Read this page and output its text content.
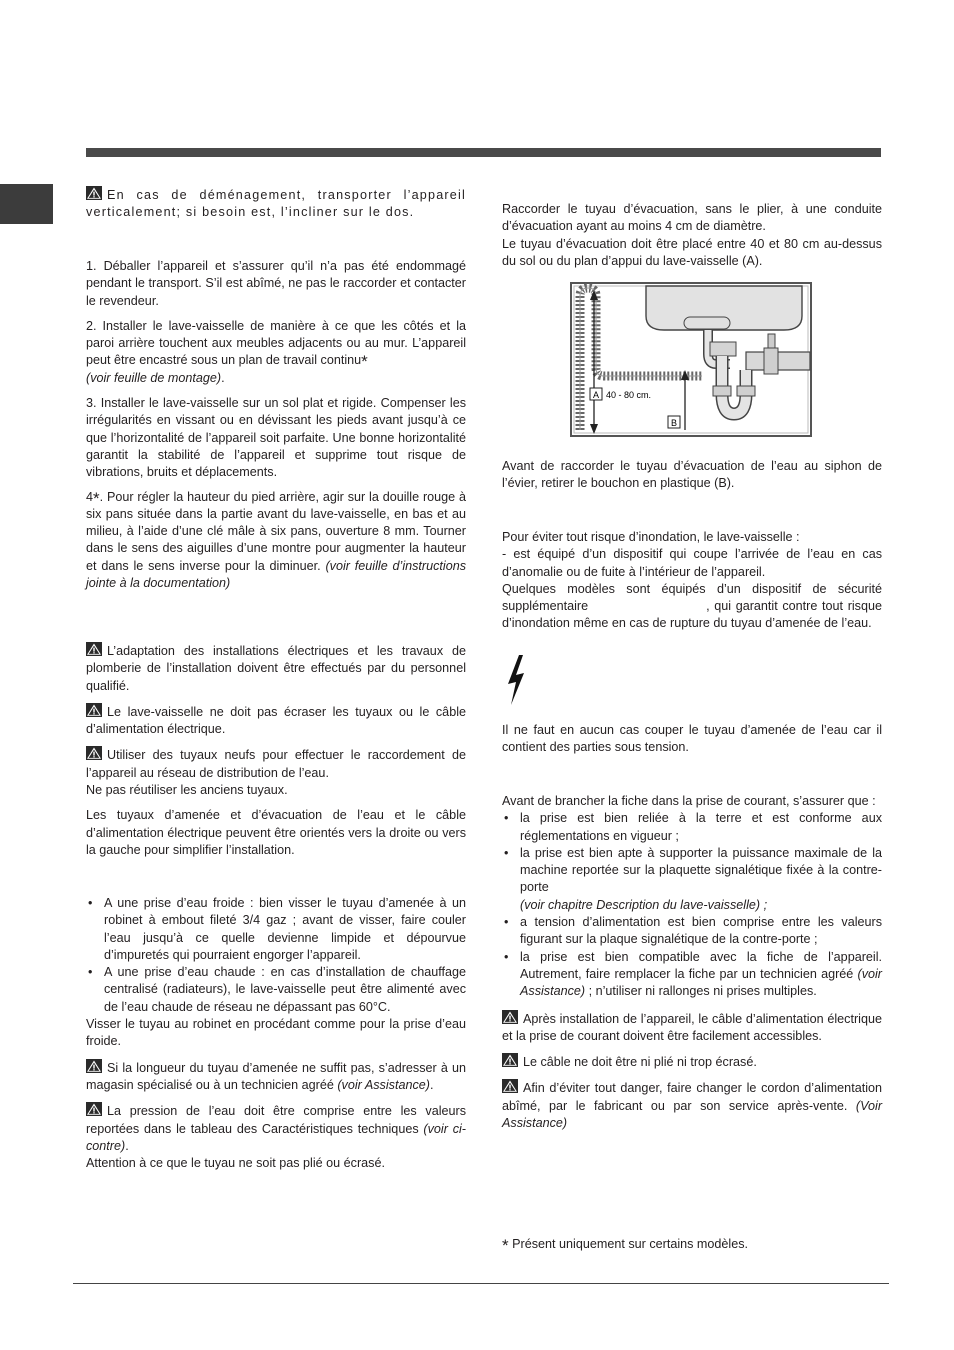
En cas de déménagement, transporter l’appareil verticalement; si besoin est, l’incliner sur le dos.

1. Déballer l’appareil et s’assurer qu’il n’a pas été endommagé pendant le transport. S’il est abîmé, ne pas le raccorder et contacter le revendeur.

2. Installer le lave-vaisselle de manière à ce que les côtés et la paroi arrière touchent aux meubles adjacents ou au mur. L’appareil peut être encastré sous un plan de travail continu*
(voir feuille de montage).

3. Installer le lave-vaisselle sur un sol plat et rigide. Compenser les irrégularités en vissant ou en dévissant les pieds avant jusqu’à ce que l’horizontalité de l’appareil soit parfaite. Une bonne horizontalité garantit la stabilité de l’appareil et supprime tout risque de vibrations, bruits et déplacements.

4*. Pour régler la hauteur du pied arrière, agir sur la douille rouge à six pans située dans la partie avant du lave-vaisselle, en bas et au milieu, à l’aide d’une clé mâle à six pans, ouverture 8 mm. Tourner dans le sens des aiguilles d’une montre pour augmenter la hauteur et dans le sens inverse pour la diminuer. (voir feuille d’instructions jointe à la documentation)

L’adaptation des installations électriques et les travaux de plomberie de l’installation doivent être effectués par du personnel qualifié.

Le lave-vaisselle ne doit pas écraser les tuyaux ou le câble d’alimentation électrique.

Utiliser des tuyaux neufs pour effectuer le raccordement de l’appareil au réseau de distribution de l’eau.

Ne pas réutiliser les anciens tuyaux.

Les tuyaux d’amenée et d’évacuation de l’eau et le câble d’alimentation électrique peuvent être orientés vers la droite ou vers la gauche pour simplifier l’installation.

• A une prise d’eau froide : bien visser le tuyau d’amenée à un robinet à embout fileté 3/4 gaz ; avant de visser, faire couler l’eau jusqu’à ce quelle devienne limpide et dépourvue d’impuretés qui pourraient engorger l’appareil.
• A une prise d’eau chaude : en cas d’installation de chauffage centralisé (radiateurs), le lave-vaisselle peut être alimenté avec de l’eau chaude de réseau ne dépassant pas 60°C.

Visser le tuyau au robinet en procédant comme pour la prise d’eau froide.

Si la longueur du tuyau d’amenée ne suffit pas, s’adresser à un magasin spécialisé ou à un technicien agréé (voir Assistance).

La pression de l’eau doit être comprise entre les valeurs reportées dans le tableau des Caractéristiques techniques (voir ci-contre).

Attention à ce que le tuyau ne soit pas plié ou écrasé.

Raccorder le tuyau d’évacuation, sans le plier, à une conduite d’évacuation ayant au moins 4 cm de diamètre.

Le tuyau d’évacuation doit être placé entre 40 et 80 cm au-dessus du sol ou du plan d’appui du lave-vaisselle (A).

A 40 - 80 cm.
B

Avant de raccorder le tuyau d’évacuation de l’eau au siphon de l’évier, retirer le bouchon en plastique (B).

Pour éviter tout risque d’inondation, le lave-vaisselle :

- est équipé d’un dispositif qui coupe l’arrivée de l’eau en cas d’anomalie ou de fuite à l’intérieur de l’appareil.

Quelques modèles sont équipés d’un dispositif de sécurité supplémentaire	, qui garantit contre tout risque d’inondation même en cas de rupture du tuyau d’amenée de l’eau.

Il ne faut en aucun cas couper le tuyau d’amenée de l’eau car il contient des parties sous tension.

Avant de brancher la fiche dans la prise de courant, s’assurer que :

• la prise est bien reliée à la terre et est conforme aux réglementations en vigueur ;
• la prise est bien apte à supporter la puissance maximale de la machine reportée sur la plaquette signalétique fixée à la contre-porte
(voir chapitre Description du lave-vaisselle) ;
• a tension d’alimentation est bien comprise entre les valeurs figurant sur la plaque signalétique de la contre-porte ;
• la prise est bien compatible avec la fiche de l’appareil. Autrement, faire remplacer la fiche par un technicien agréé (voir Assistance) ; n’utiliser ni rallonges ni prises multiples.

Après installation de l’appareil, le câble d’alimentation électrique et la prise de courant doivent être facilement accessibles.

Le câble ne doit être ni plié ni trop écrasé.

Afin d’éviter tout danger, faire changer le cordon d’alimentation abîmé, par le fabricant ou par son service après-vente. (Voir Assistance)

* Présent uniquement sur certains modèles.
